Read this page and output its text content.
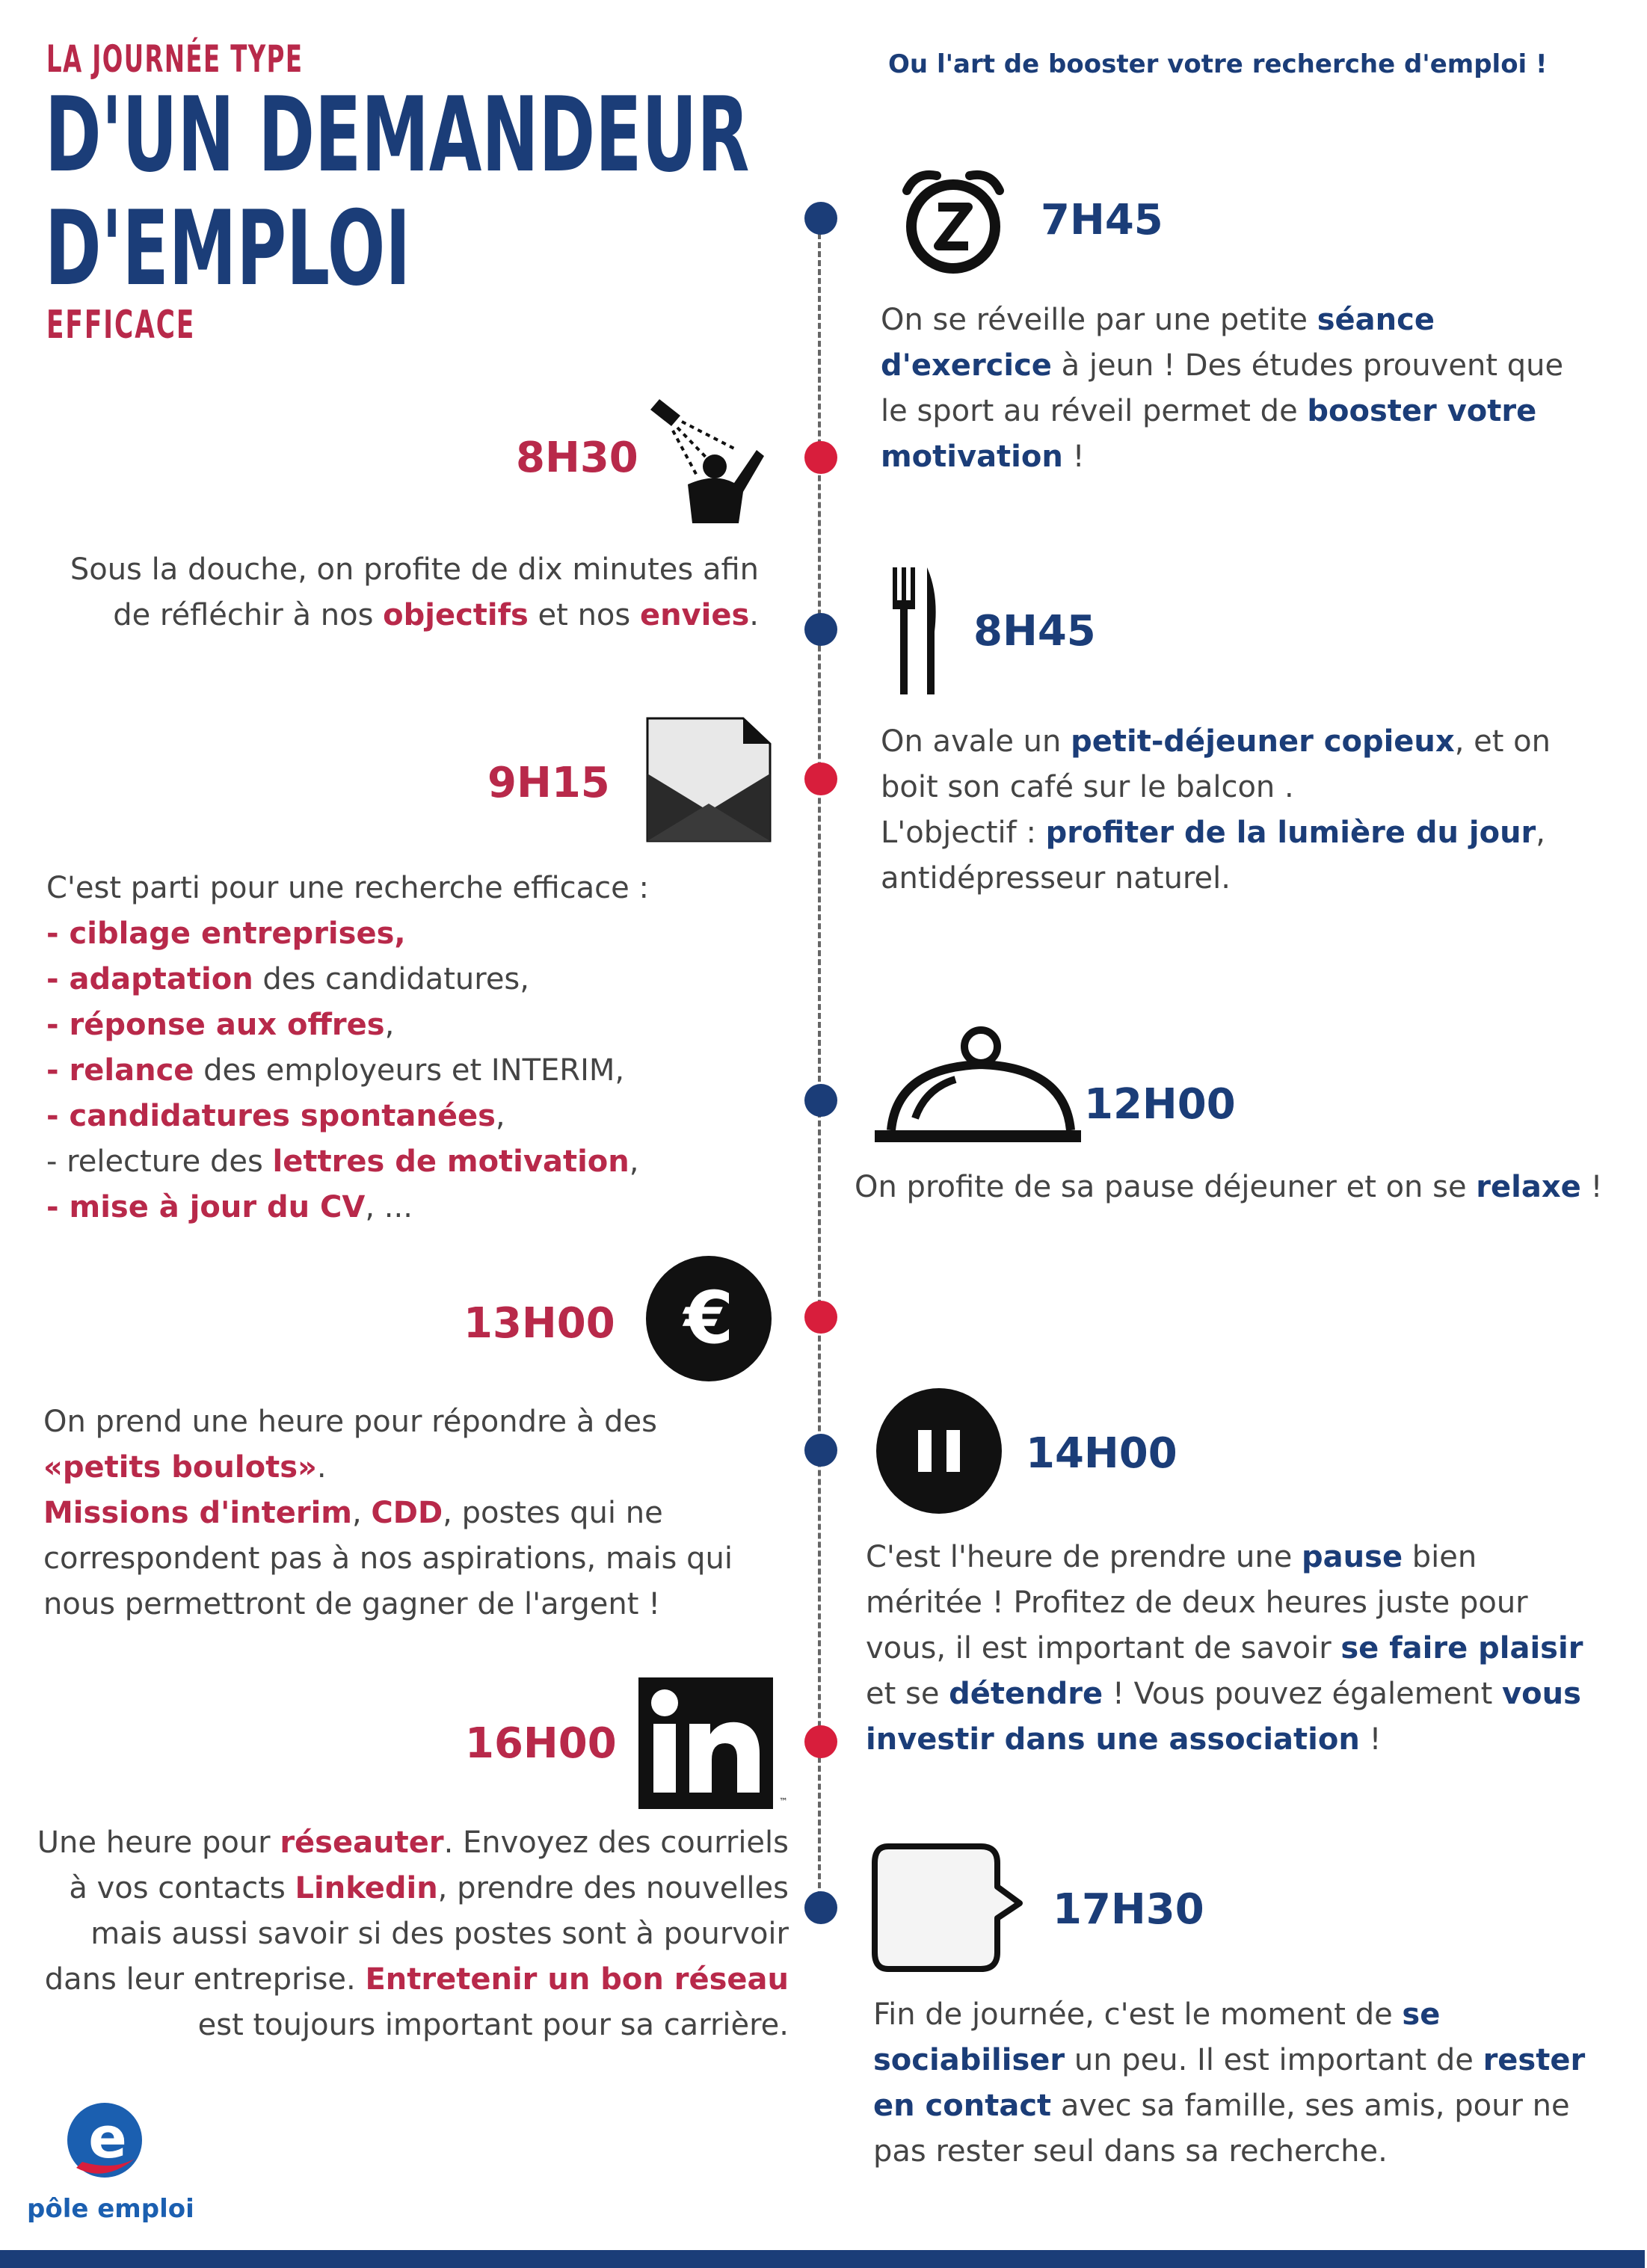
LA JOURNÉE TYPE
D'UN DEMANDEUR
D'EMPLOI
EFFICACE
Ou l'art de booster votre recherche d'emploi !
7H45
On se réveille par une petite séance d'exercice à jeun ! Des études prouvent que le sport au réveil permet de booster votre motivation !
8H30
Sous la douche, on profite de dix minutes afin de réfléchir à nos objectifs et nos envies.	8H45
On avale un petit-déjeuner copieux, et on boit son café sur le balcon .
L'objectif : profiter de la lumière du jour,
antidépresseur naturel.
9H15
C'est parti pour une recherche efficace :
- ciblage entreprises,
- adaptation des candidatures,
- réponse aux offres,
- relance des employeurs et INTERIM,
- candidatures spontanées,
- relecture des lettres de motivation,
- mise à jour du CV, ...
12H00
On profite de sa pause déjeuner et on se relaxe !
13H00 €
On prend une heure pour répondre à des «petits boulots».
Missions d'interim, CDD, postes qui ne correspondent pas à nos aspirations, mais qui nous permettront de gagner de l'argent !
14H00
C'est l'heure de prendre une pause bien méritée ! Profitez de deux heures juste pour vous, il est important de savoir se faire plaisir et se détendre ! Vous pouvez également vous investir dans une association !
16H00
™
Une heure pour réseauter. Envoyez des courriels à vos contacts Linkedin, prendre des nouvelles mais aussi savoir si des postes sont à pourvoir dans leur entreprise. Entretenir un bon réseau est toujours important pour sa carrière.
17H30
Fin de journée, c'est le moment de se sociabiliser un peu. Il est important de rester en contact avec sa famille, ses amis, pour ne pas rester seul dans sa recherche.
e
pôle emploi
